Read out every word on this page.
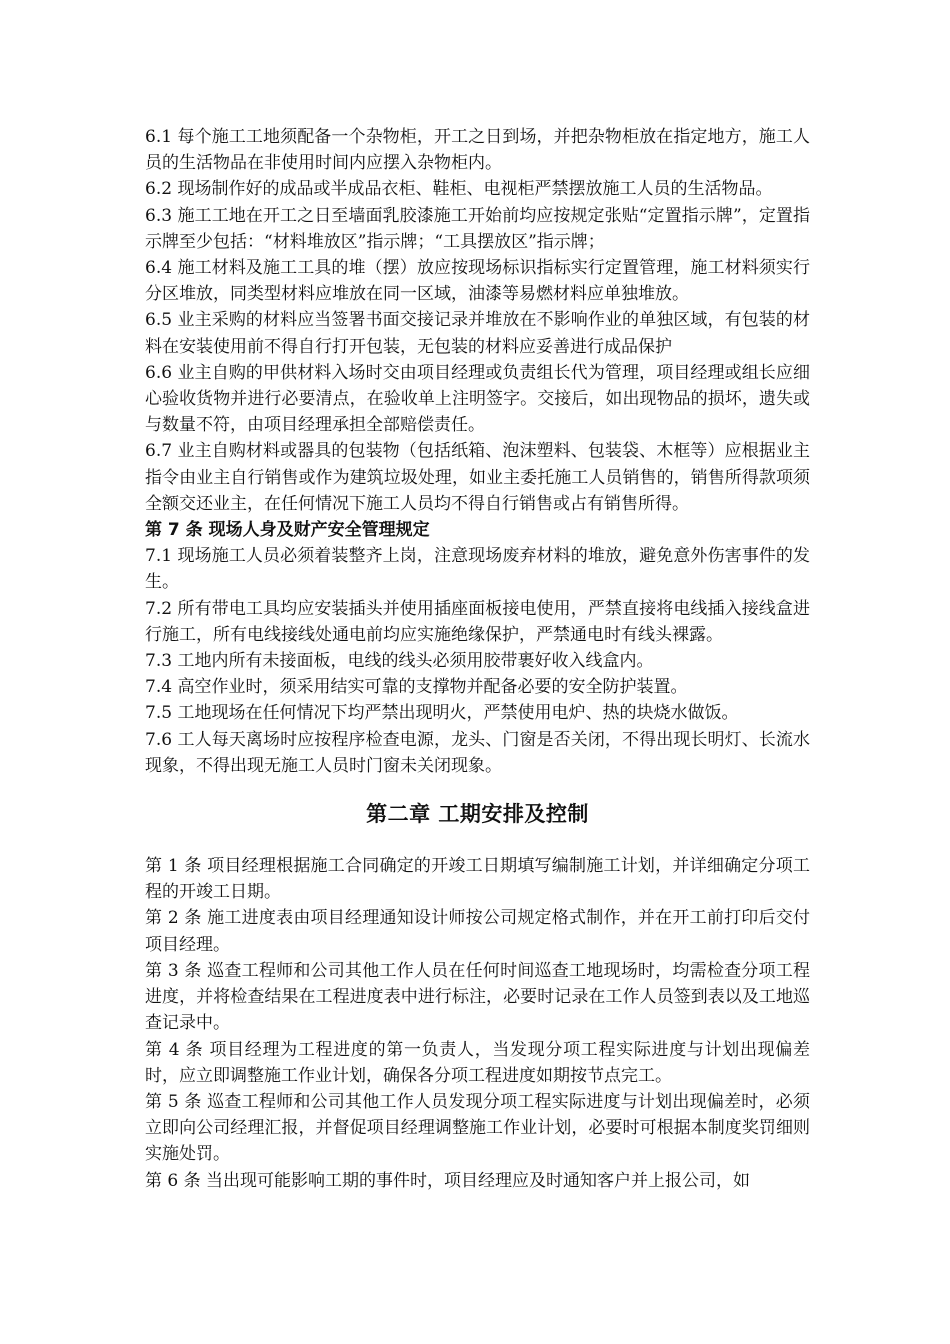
6.1 每个施工工地须配备一个杂物柜，开工之日到场，并把杂物柜放在指定地方，施工人员的生活物品在非使用时间内应摆入杂物柜内。

6.2 现场制作好的成品或半成品衣柜、鞋柜、电视柜严禁摆放施工人员的生活物品。

6.3 施工工地在开工之日至墙面乳胶漆施工开始前均应按规定张贴“定置指示牌”，定置指示牌至少包括：“材料堆放区”指示牌；“工具摆放区”指示牌；

6.4 施工材料及施工工具的堆（摆）放应按现场标识指标实行定置管理，施工材料须实行分区堆放，同类型材料应堆放在同一区域，油漆等易燃材料应单独堆放。

6.5 业主采购的材料应当签署书面交接记录并堆放在不影响作业的单独区域，有包装的材料在安装使用前不得自行打开包装，无包装的材料应妥善进行成品保护

6.6 业主自购的甲供材料入场时交由项目经理或负责组长代为管理，项目经理或组长应细心验收货物并进行必要清点，在验收单上注明签字。交接后，如出现物品的损坏，遗失或与数量不符，由项目经理承担全部赔偿责任。

6.7 业主自购材料或器具的包装物（包括纸箱、泡沫塑料、包装袋、木框等）应根据业主指令由业主自行销售或作为建筑垃圾处理，如业主委托施工人员销售的，销售所得款项须全额交还业主，在任何情况下施工人员均不得自行销售或占有销售所得。

第 7 条 现场人身及财产安全管理规定

7.1 现场施工人员必须着装整齐上岗，注意现场废弃材料的堆放，避免意外伤害事件的发生。

7.2 所有带电工具均应安装插头并使用插座面板接电使用，严禁直接将电线插入接线盒进行施工，所有电线接线处通电前均应实施绝缘保护，严禁通电时有线头裸露。

7.3 工地内所有未接面板，电线的线头必须用胶带裹好收入线盒内。

7.4 高空作业时，须采用结实可靠的支撑物并配备必要的安全防护装置。

7.5 工地现场在任何情况下均严禁出现明火，严禁使用电炉、热的块烧水做饭。

7.6 工人每天离场时应按程序检查电源，龙头、门窗是否关闭，不得出现长明灯、长流水现象，不得出现无施工人员时门窗未关闭现象。

第二章 工期安排及控制

第 1 条 项目经理根据施工合同确定的开竣工日期填写编制施工计划，并详细确定分项工程的开竣工日期。

第 2 条 施工进度表由项目经理通知设计师按公司规定格式制作，并在开工前打印后交付项目经理。

第 3 条 巡查工程师和公司其他工作人员在任何时间巡查工地现场时，均需检查分项工程进度，并将检查结果在工程进度表中进行标注，必要时记录在工作人员签到表以及工地巡查记录中。

第 4 条 项目经理为工程进度的第一负责人，当发现分项工程实际进度与计划出现偏差时，应立即调整施工作业计划，确保各分项工程进度如期按节点完工。

第 5 条 巡查工程师和公司其他工作人员发现分项工程实际进度与计划出现偏差时，必须立即向公司经理汇报，并督促项目经理调整施工作业计划，必要时可根据本制度奖罚细则实施处罚。

第 6 条 当出现可能影响工期的事件时，项目经理应及时通知客户并上报公司，如
